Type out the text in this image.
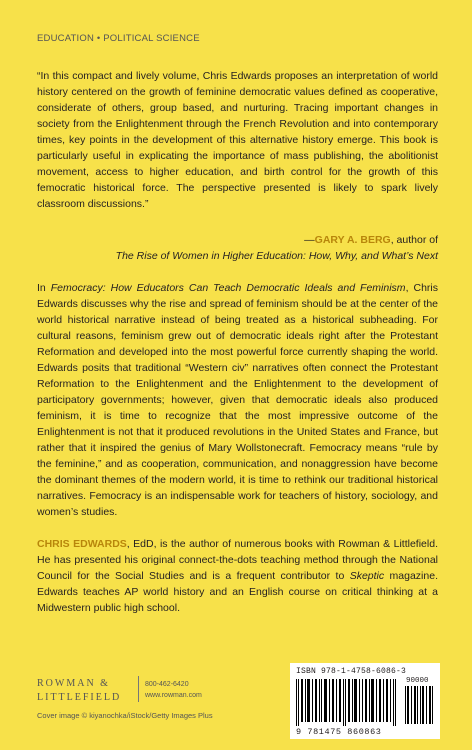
EDUCATION • POLITICAL SCIENCE
“In this compact and lively volume, Chris Edwards proposes an interpretation of world history centered on the growth of feminine democratic values defined as cooperative, considerate of others, group based, and nurturing. Tracing important changes in society from the Enlightenment through the French Revolution and into contemporary times, key points in the development of this alternative history emerge. This book is particularly useful in explicating the importance of mass publishing, the abolitionist movement, access to higher education, and birth control for the growth of this femocratic historical force. The perspective presented is likely to spark lively classroom discussions.”
—GARY A. BERG, author of
The Rise of Women in Higher Education: How, Why, and What’s Next
In Femocracy: How Educators Can Teach Democratic Ideals and Feminism, Chris Edwards discusses why the rise and spread of feminism should be at the center of the world historical narrative instead of being treated as a historical subheading. For cultural reasons, feminism grew out of democratic ideals right after the Protestant Reformation and developed into the most powerful force currently shaping the world. Edwards posits that traditional “Western civ” narratives often connect the Protestant Reformation to the Enlightenment and the Enlightenment to the development of participatory governments; however, given that democratic ideals also produced feminism, it is time to recognize that the most impressive outcome of the Enlightenment is not that it produced revolutions in the United States and France, but rather that it inspired the genius of Mary Wollstonecraft. Femocracy means “rule by the feminine,” and as cooperation, communication, and nonaggression have become the dominant themes of the modern world, it is time to rethink our traditional historical narratives. Femocracy is an indispensable work for teachers of history, sociology, and women’s studies.
CHRIS EDWARDS, EdD, is the author of numerous books with Rowman & Littlefield. He has presented his original connect-the-dots teaching method through the National Council for the Social Studies and is a frequent contributor to Skeptic magazine. Edwards teaches AP world history and an English course on critical thinking at a Midwestern public high school.
ROWMAN &
LITTLEFIELD
800-462-6420
www.rowman.com
Cover image © kiyanochka/iStock/Getty Images Plus
ISBN 978-1-4758-6086-3
90000
9 781475 860863
